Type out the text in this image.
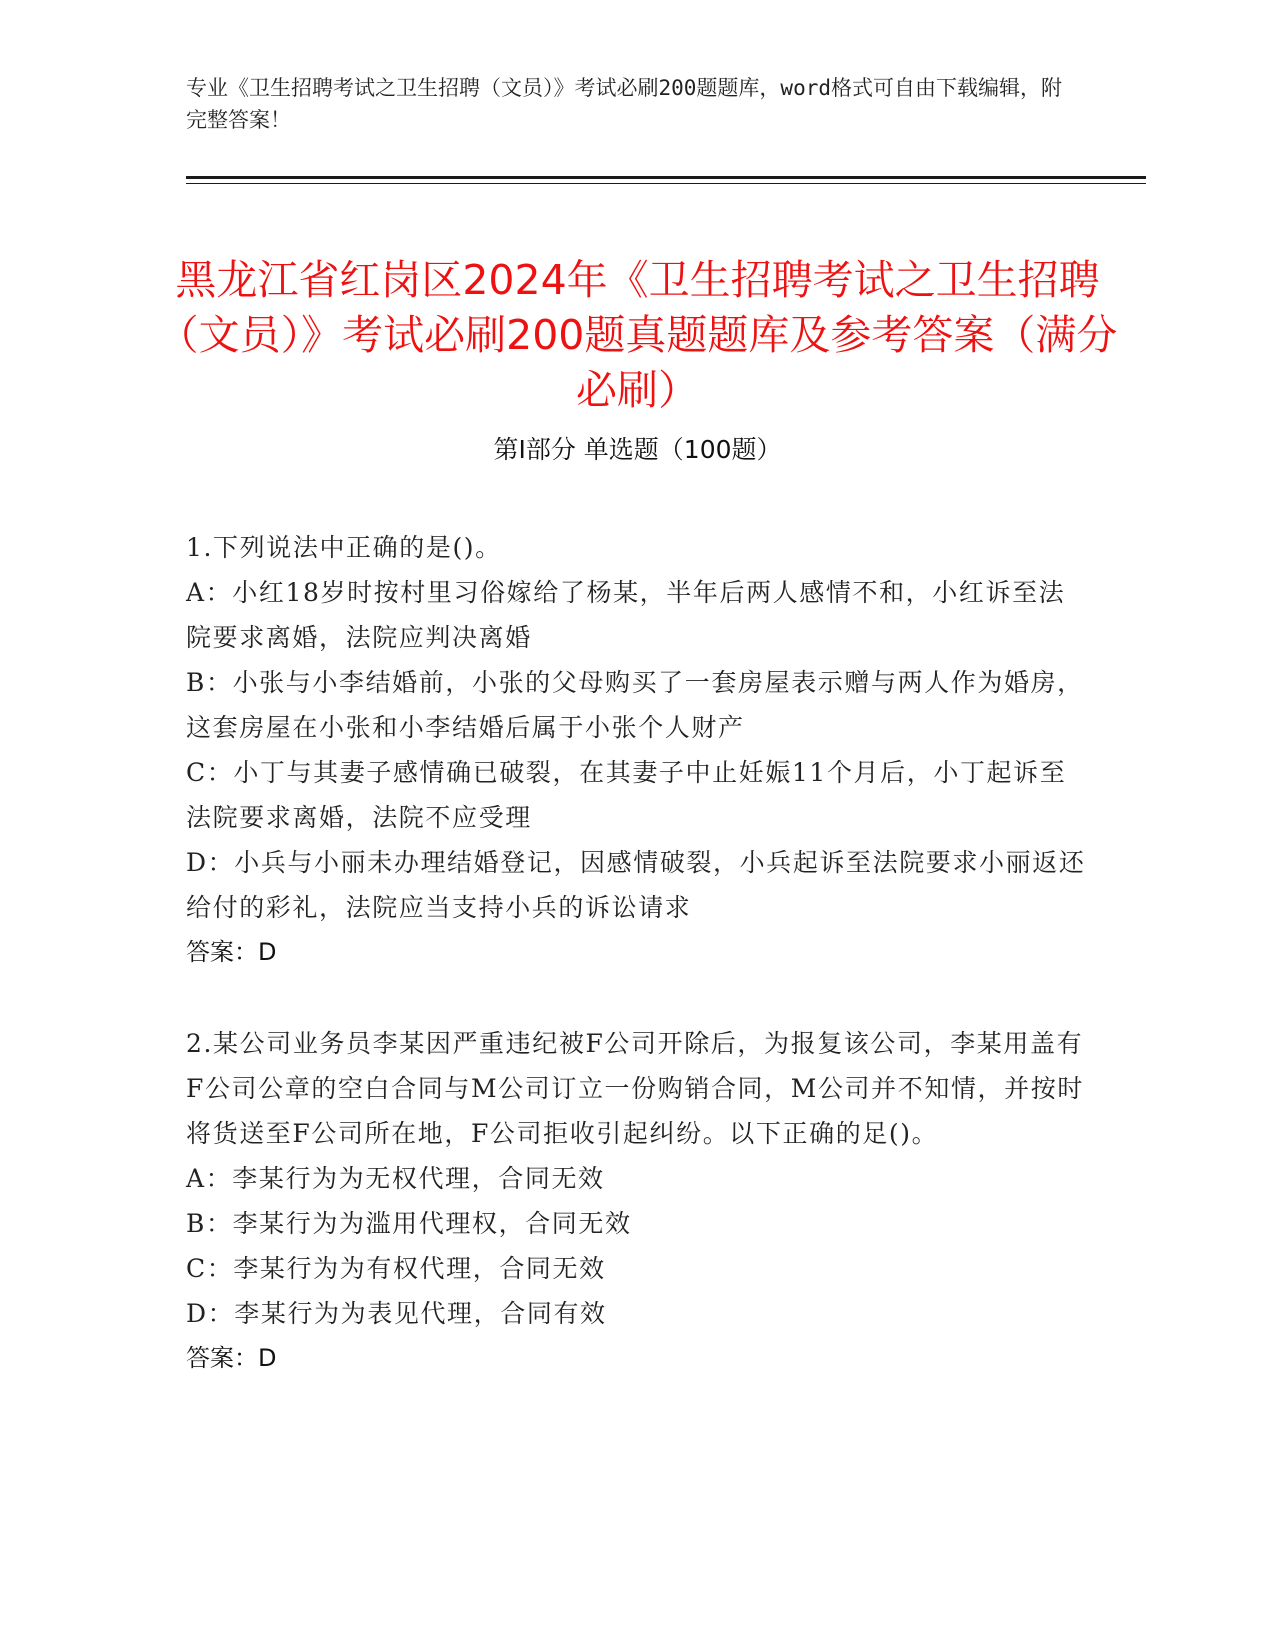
专业《卫生招聘考试之卫生招聘（文员）》考试必刷200题题库，word格式可自由下载编辑，附完整答案！
黑龙江省红岗区2024年《卫生招聘考试之卫生招聘（文员）》考试必刷200题真题题库及参考答案（满分必刷）
第Ⅰ部分 单选题（100题）
1.下列说法中正确的是()。
A：小红18岁时按村里习俗嫁给了杨某，半年后两人感情不和，小红诉至法院要求离婚，法院应判决离婚
B：小张与小李结婚前，小张的父母购买了一套房屋表示赠与两人作为婚房，这套房屋在小张和小李结婚后属于小张个人财产
C：小丁与其妻子感情确已破裂，在其妻子中止妊娠11个月后，小丁起诉至法院要求离婚，法院不应受理
D：小兵与小丽未办理结婚登记，因感情破裂，小兵起诉至法院要求小丽返还给付的彩礼，法院应当支持小兵的诉讼请求
答案：D
2.某公司业务员李某因严重违纪被F公司开除后，为报复该公司，李某用盖有F公司公章的空白合同与M公司订立一份购销合同，M公司并不知情，并按时将货送至F公司所在地，F公司拒收引起纠纷。以下正确的足()。
A：李某行为为无权代理，合同无效
B：李某行为为滥用代理权，合同无效
C：李某行为为有权代理，合同无效
D：李某行为为表见代理，合同有效
答案：D
